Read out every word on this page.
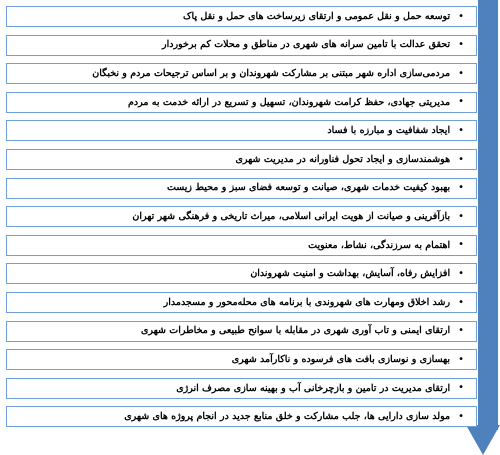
•
توسعه حمل و نقل عمومی و ارتقای زیرساخت های حمل و نقل پاک
•
تحقق عدالت با تامین سرانه های شهری در مناطق و محلات کم برخوردار
•
مردمی‌سازی اداره شهر مبتنی بر مشارکت شهروندان و بر اساس ترجیحات مردم و نخبگان
•
مدیریتی جهادی، حفظ کرامت شهروندان، تسهیل و تسریع در ارائه خدمت به مردم
•
ایجاد شفافیت و مبارزه با فساد
•
هوشمندسازی و ایجاد تحول فناورانه در مدیریت شهری
•
بهبود کیفیت خدمات شهری، صیانت و توسعه فضای سبز و محیط زیست
•
بازآفرینی و صیانت از هویت ایرانی اسلامی، میراث تاریخی و فرهنگی شهر تهران
•
اهتمام به سرزندگی، نشاط، معنویت
•
افزایش رفاه، آسایش، بهداشت و امنیت شهروندان
•
رشد اخلاق ومهارت های شهروندی با برنامه های محله‌محور و مسجدمدار
•
ارتقای ایمنی و تاب آوری شهری در مقابله با سوانح طبیعی و مخاطرات شهری
•
بهسازی و نوسازی بافت های فرسوده و ناکارآمد شهری
•
ارتقای مدیریت در تامین و بازچرخانی آب و بهینه سازی مصرف انرژی
•
مولد سازی دارایی ها، جلب مشارکت و خلق منابع جدید در انجام پروژه های شهری
